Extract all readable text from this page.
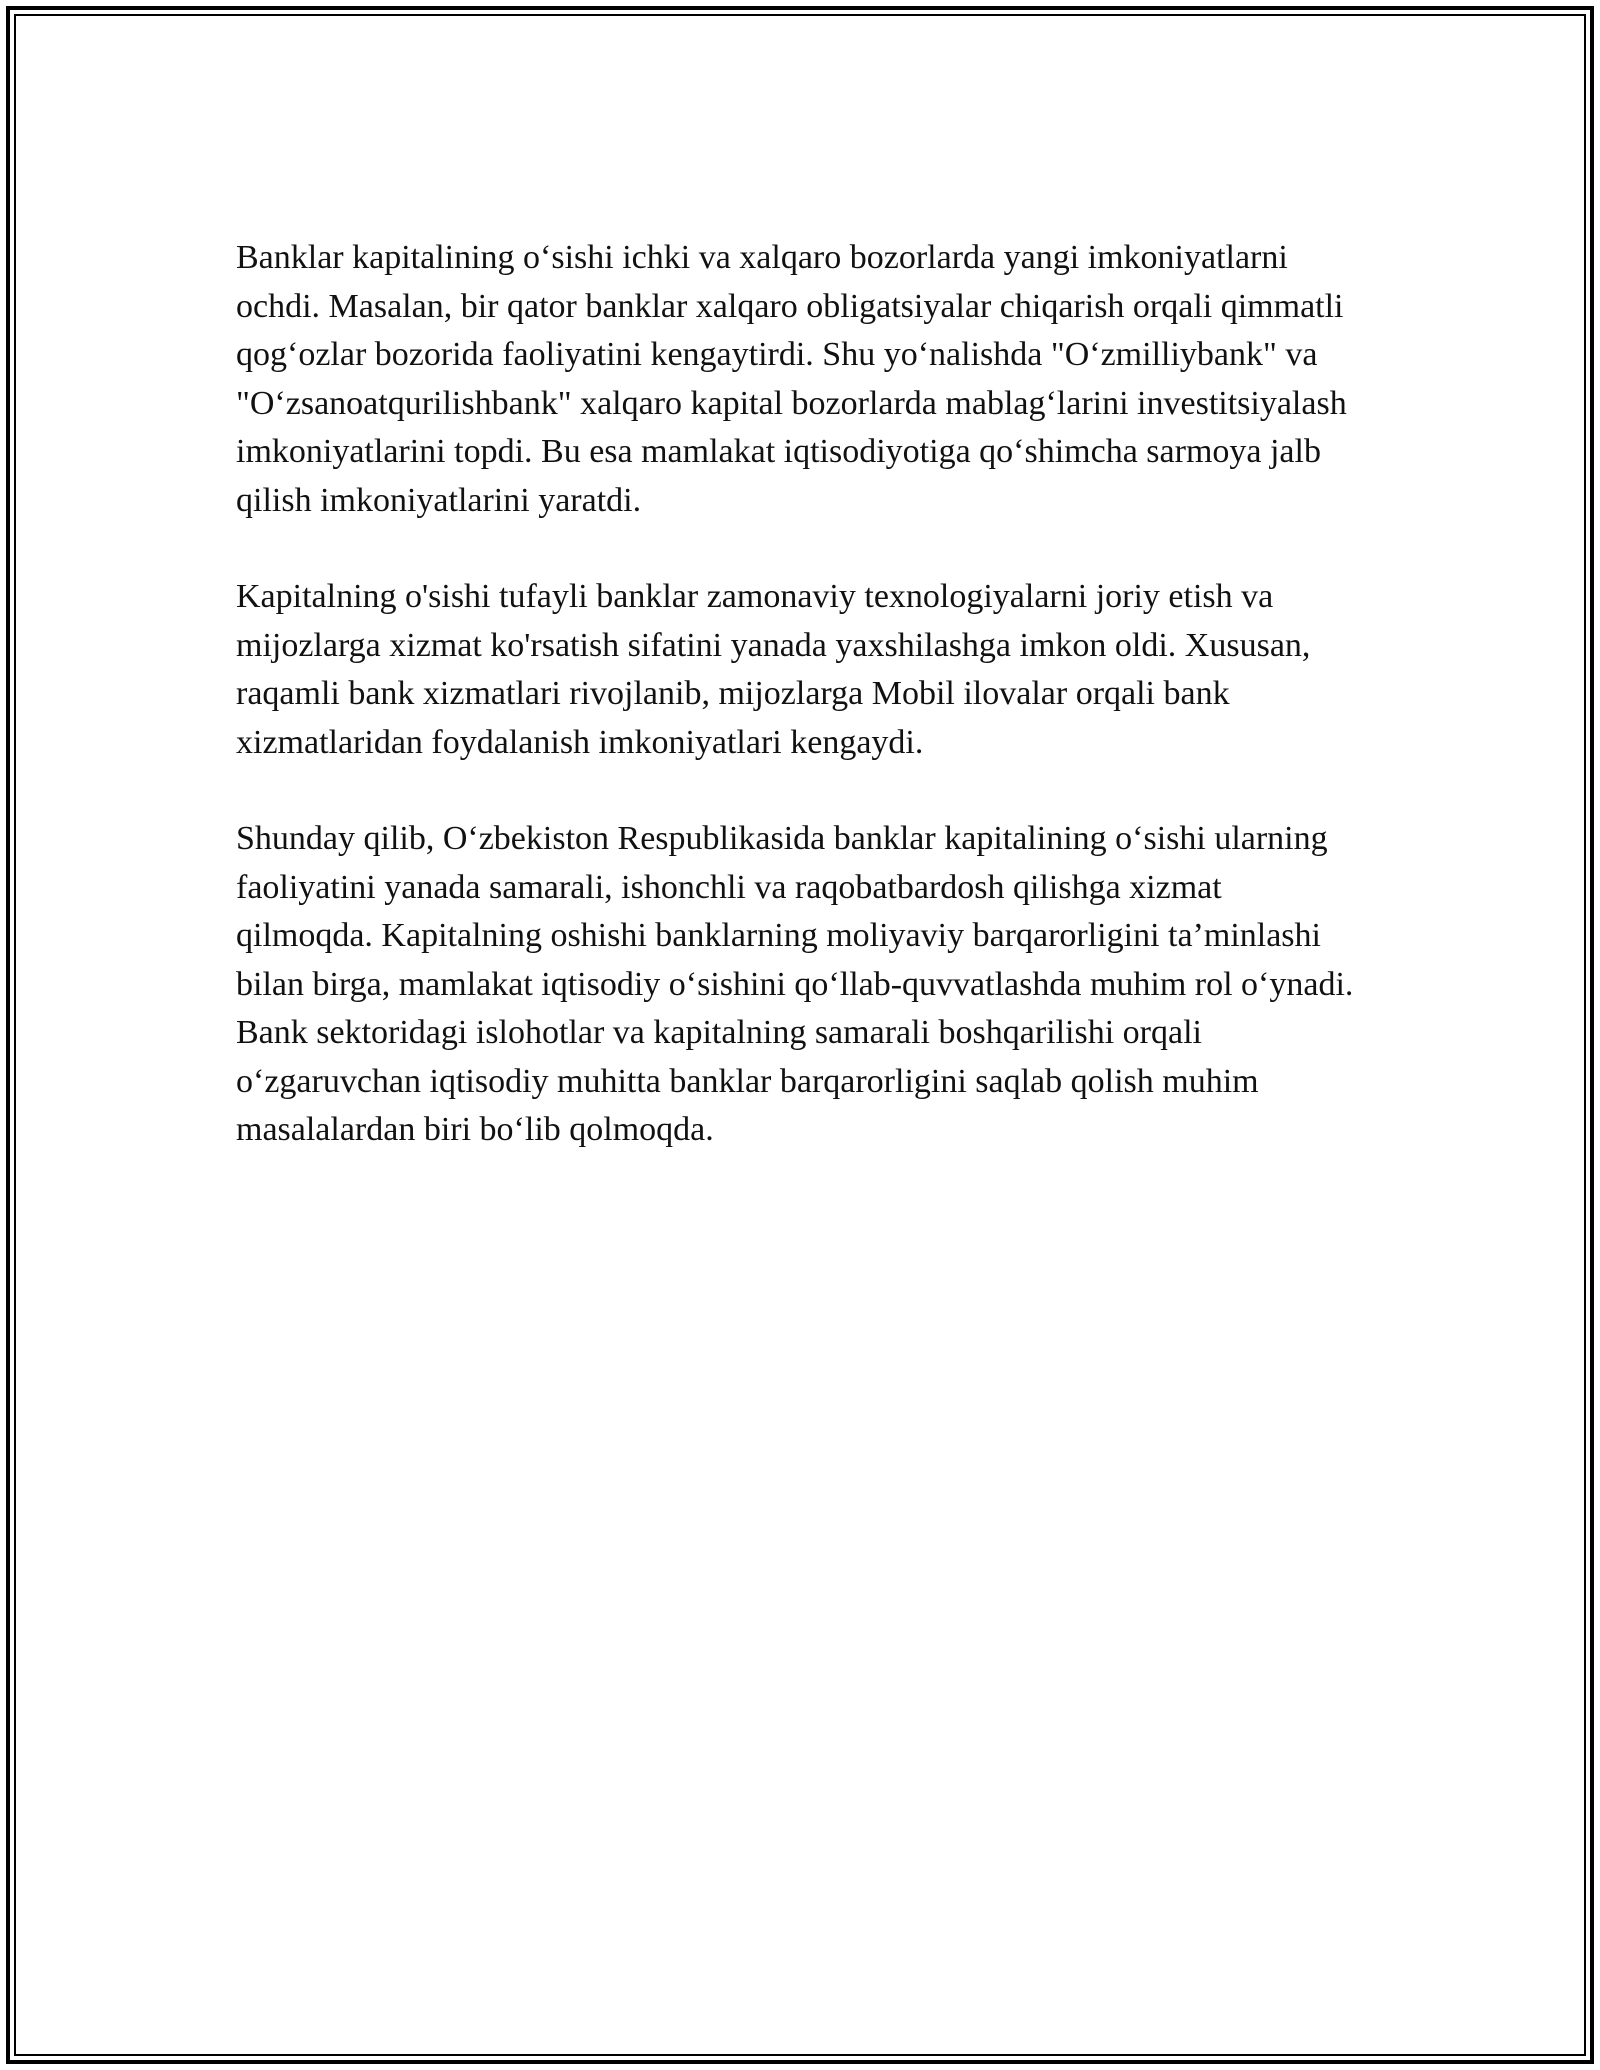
Banklar kapitalining o‘sishi ichki va xalqaro bozorlarda yangi imkoniyatlarni ochdi. Masalan, bir qator banklar xalqaro obligatsiyalar chiqarish orqali qimmatli qog‘ozlar bozorida faoliyatini kengaytirdi. Shu yo‘nalishda "O‘zmilliybank" va "O‘zsanoatqurilishbank" xalqaro kapital bozorlarda mablag‘larini investitsiyalash imkoniyatlarini topdi. Bu esa mamlakat iqtisodiyotiga qo‘shimcha sarmoya jalb qilish imkoniyatlarini yaratdi.

Kapitalning o'sishi tufayli banklar zamonaviy texnologiyalarni joriy etish va mijozlarga xizmat ko'rsatish sifatini yanada yaxshilashga imkon oldi. Xususan, raqamli bank xizmatlari rivojlanib, mijozlarga Mobil ilovalar orqali bank xizmatlaridan foydalanish imkoniyatlari kengaydi.

Shunday qilib, O‘zbekiston Respublikasida banklar kapitalining o‘sishi ularning faoliyatini yanada samarali, ishonchli va raqobatbardosh qilishga xizmat qilmoqda. Kapitalning oshishi banklarning moliyaviy barqarorligini ta’minlashi bilan birga, mamlakat iqtisodiy o‘sishini qo‘llab-quvvatlashda muhim rol o‘ynadi. Bank sektoridagi islohotlar va kapitalning samarali boshqarilishi orqali o‘zgaruvchan iqtisodiy muhitta banklar barqarorligini saqlab qolish muhim masalalardan biri bo‘lib qolmoqda.
